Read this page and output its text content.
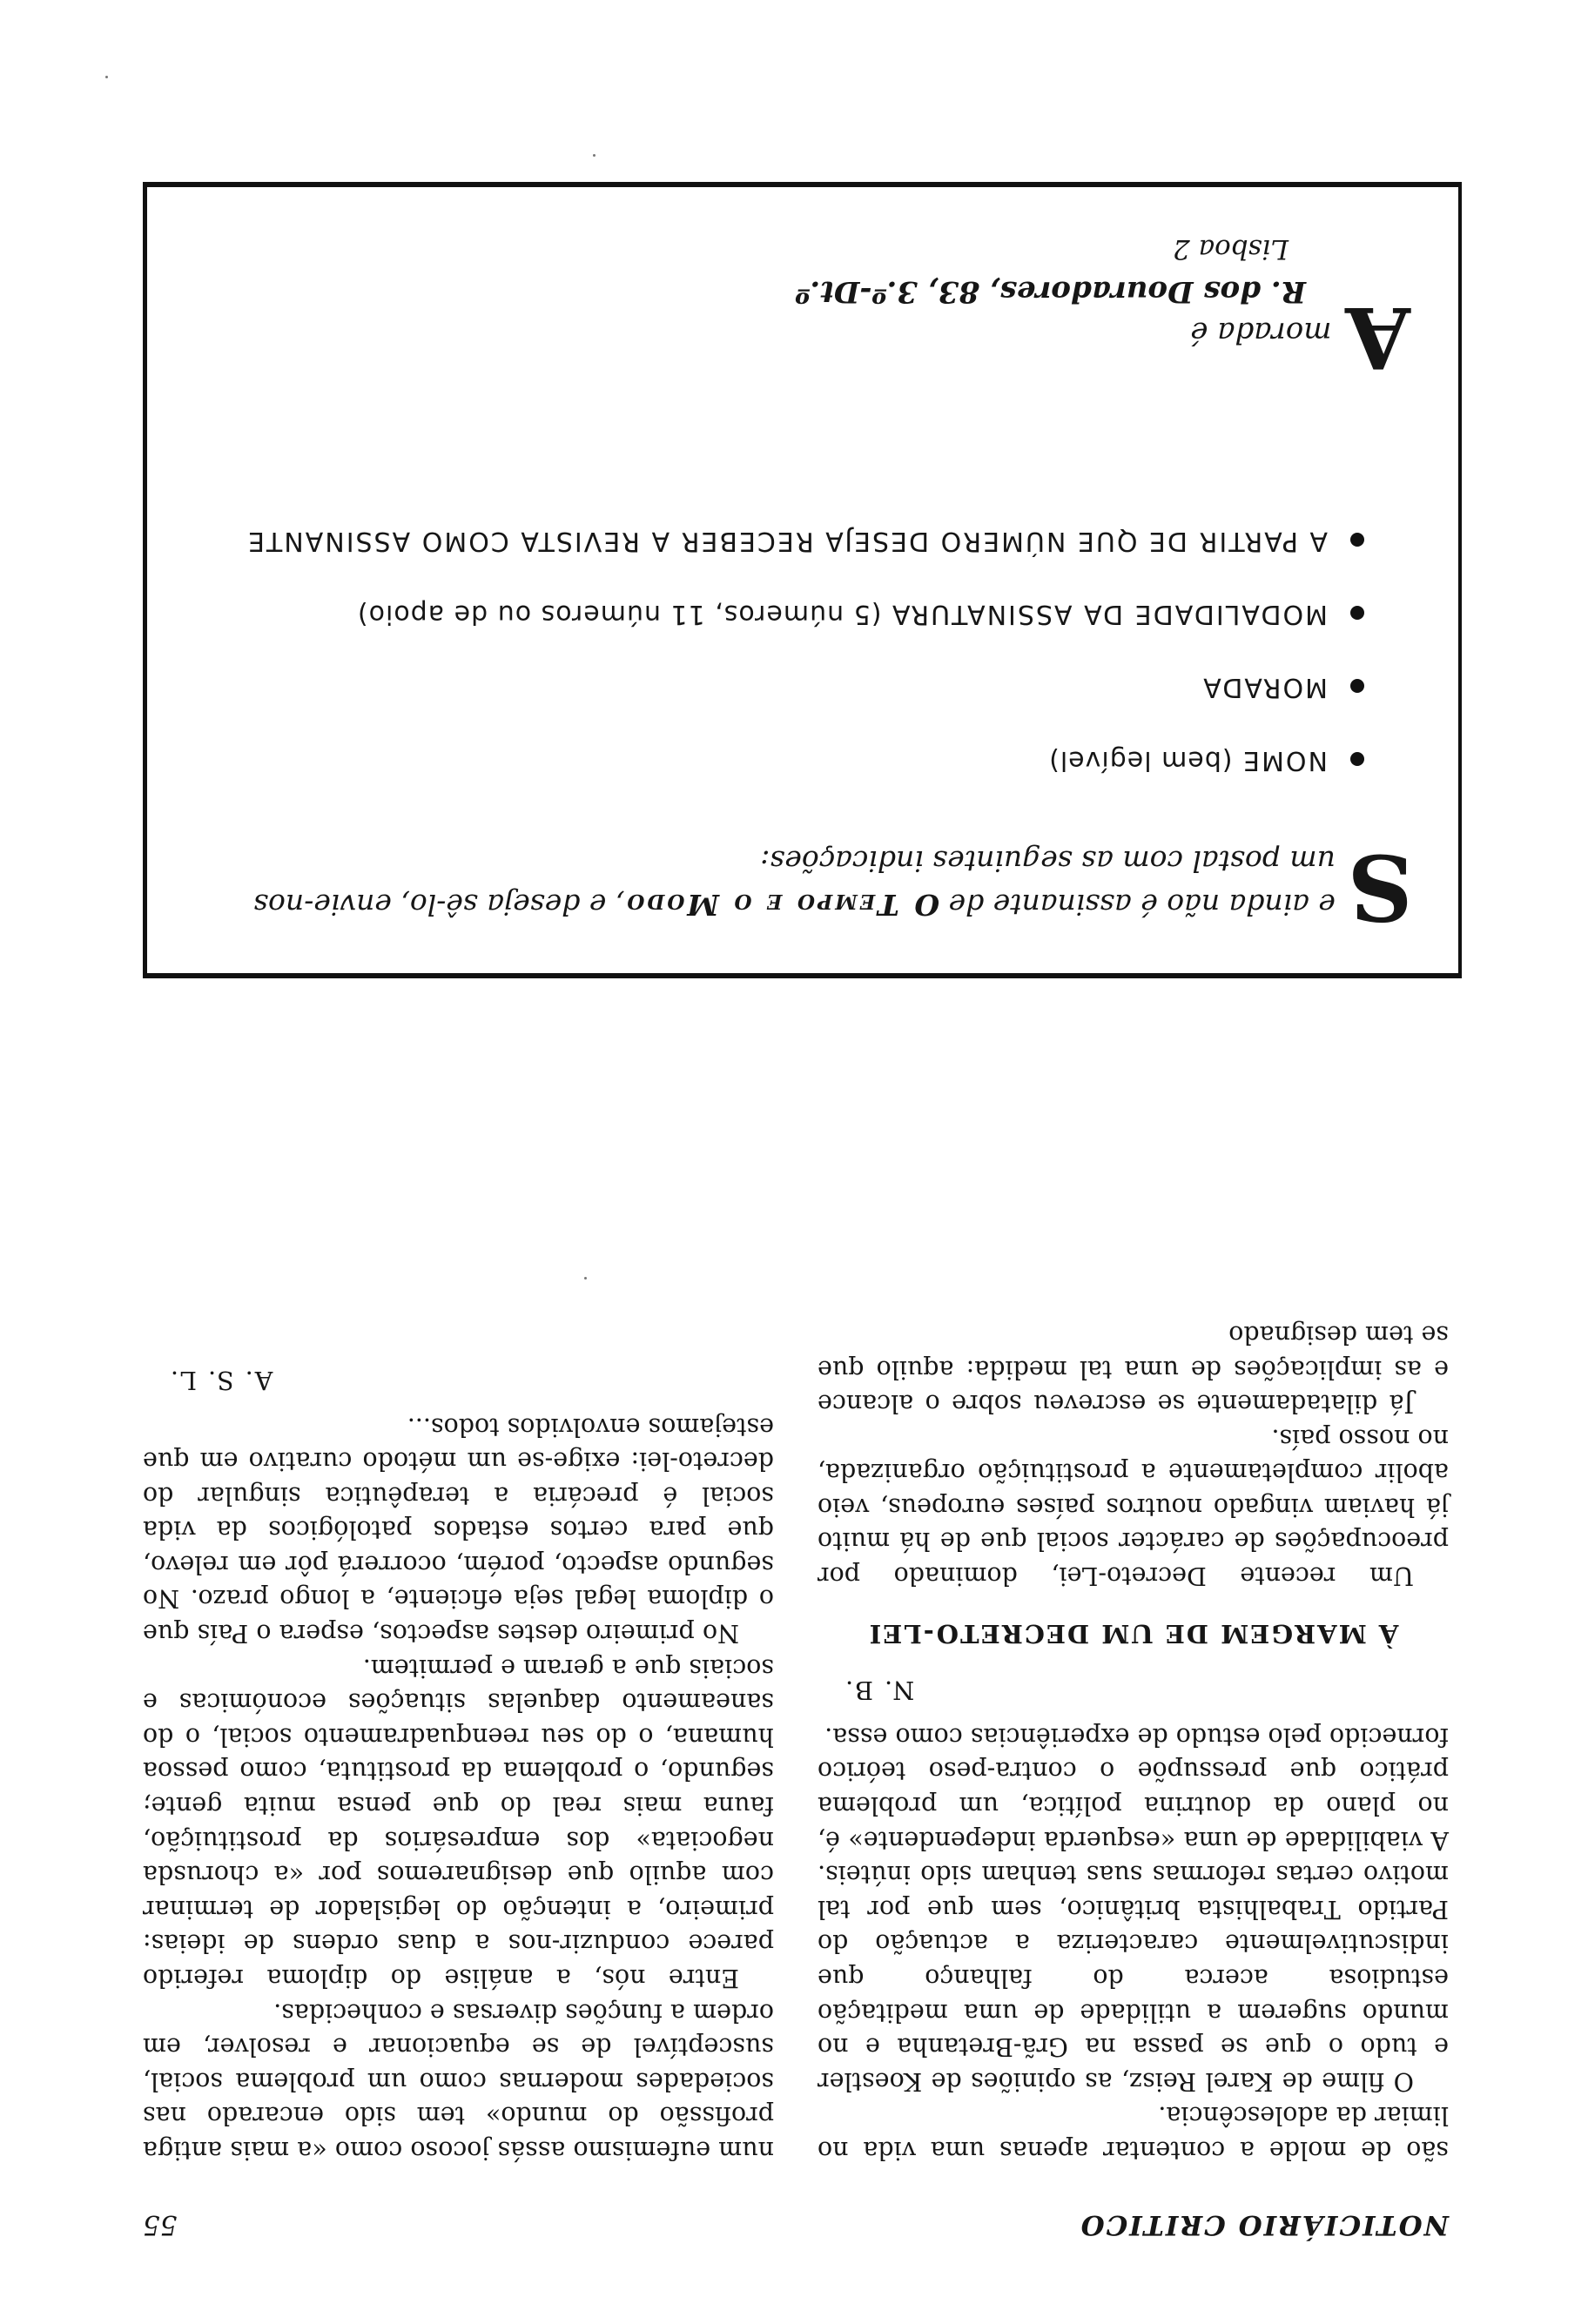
NOTICIÁRIO CRITICO
55

são de molde a contentar apenas uma vida no limiar da adolescência.

O filme de Karel Reisz, as opiniões de Koestler e tudo o que se passa na Grã-Bretanha e no mundo sugerem a utilidade de uma meditação estudiosa acerca do falhanço que indiscutivelmente caracteriza a actuação do Partido Trabalhista britânico, sem que por tal motivo certas reformas suas tenham sido inúteis. A viabilidade de uma «esquerda independente» é, no plano da doutrina política, um problema prático que pressupõe o contra-peso teórico fornecido pelo estudo de experiências como essa.

N. B.
À MARGEM DE UM DECRETO-LEI

Um recente Decreto-Lei, dominado por preocupações de carácter social que de há muito já haviam vingado noutros países europeus, veio abolir completamente a prostituição organizada, no nosso país.

Já dilatadamente se escreveu sobre o alcance e as implicações de uma tal medida: aquilo que se tem designado

num eufemismo assás jocoso como «a mais antiga profissão do mundo» tem sido encarado nas sociedades modernas como um problema social, susceptível de se equacionar e resolver, em ordem a funções diversas e conhecidas.

Entre nós, a análise do diploma referido parece conduzir-nos a duas ordens de ideias: primeiro, a intenção do legislador de terminar com aquilo que designaremos por «a chorusda negociata» dos empresários da prostituição, fauna mais real do que pensa muita gente; segundo, o problema da prostituta, como pessoa humana, o do seu reenquadramento social, o do saneamento daquelas situações económicas e sociais que a geram e permitem.

No primeiro destes aspectos, espera o País que o diploma legal seja eficiente, a longo prazo. No segundo aspecto, porém, ocorrerá pôr em relevo, que para certos estados patológicos da vida social é precária a terapêutica singular do decreto-lei: exige-se um método curativo em que estejamos envolvidos todos...

A. S. L.
S
e ainda não é assinante de O Tempo e o Modo, e deseja sê-lo, envie-nos um postal com as seguintes indicações:
NOME (bem legível)
MORADA
MODALIDADE DA ASSINATURA (5 números, 11 números ou de apoio)
A PARTIR DE QUE NÚMERO DESEJA RECEBER A REVISTA COMO ASSINANTE
A
morada é
R. dos Douradores, 83, 3.º-Dt.º
Lisboa 2
